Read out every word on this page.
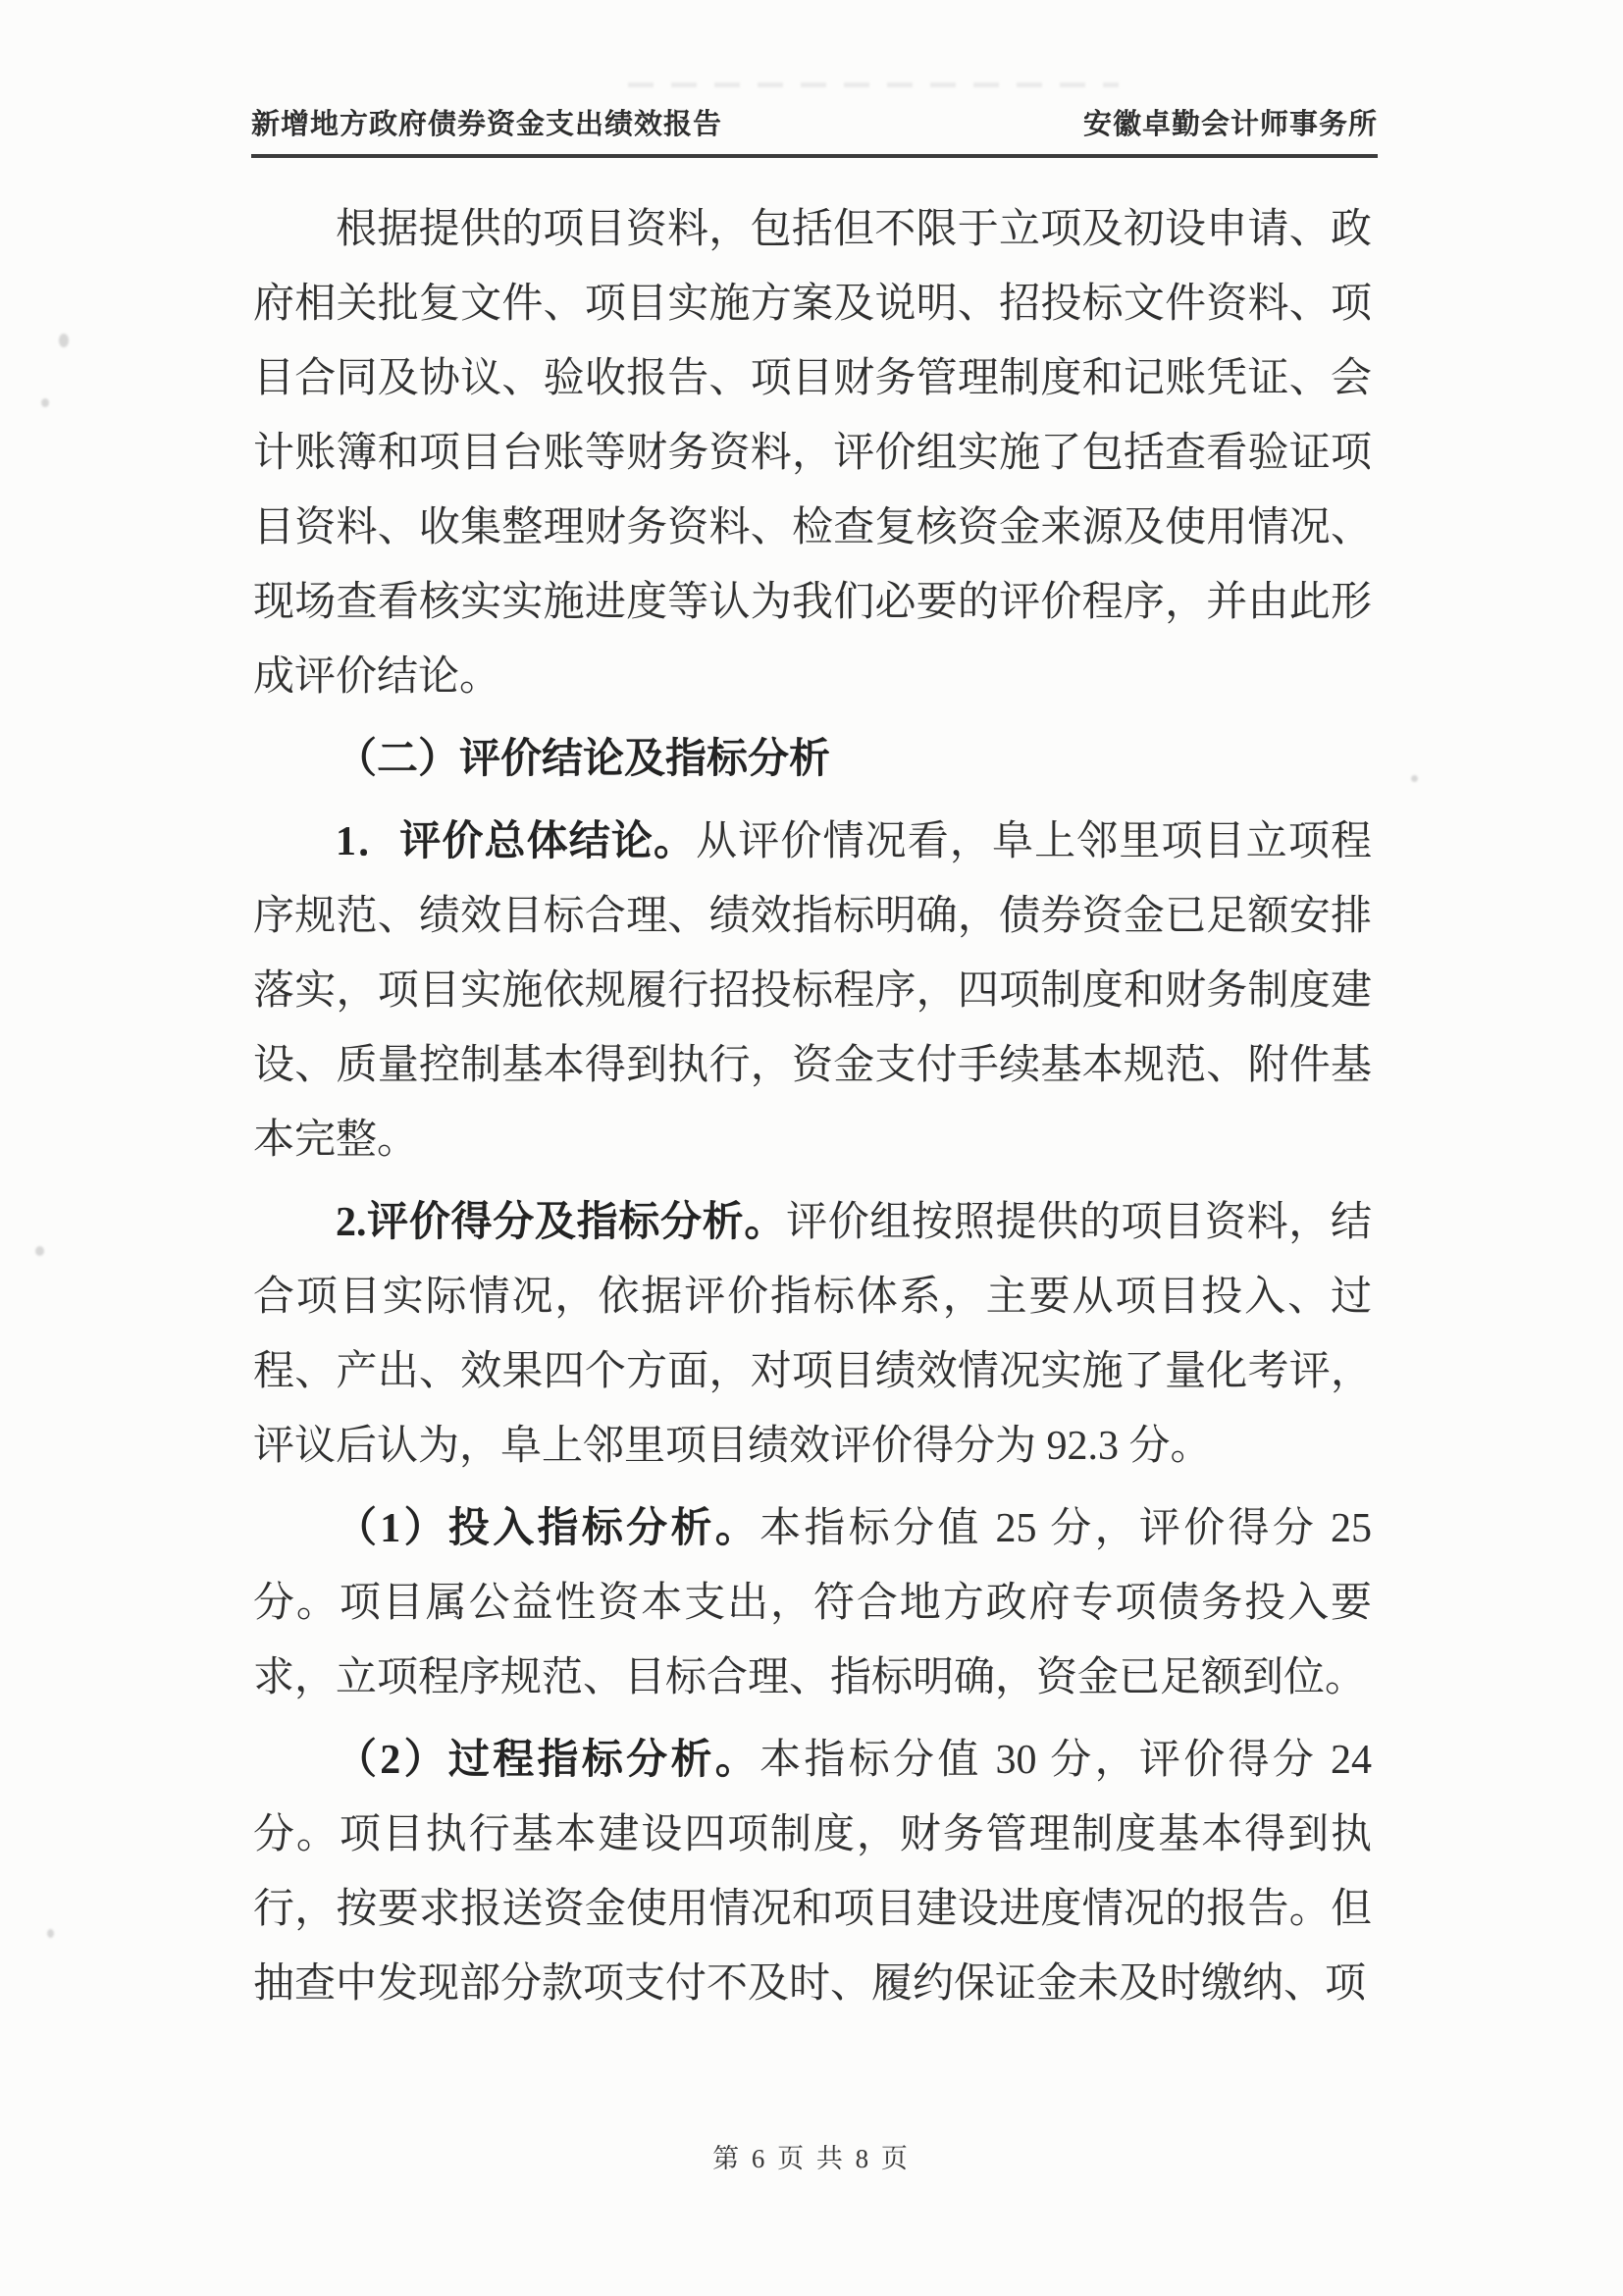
新增地方政府债券资金支出绩效报告	安徽卓勤会计师事务所

根据提供的项目资料，包括但不限于立项及初设申请、政府相关批复文件、项目实施方案及说明、招投标文件资料、项目合同及协议、验收报告、项目财务管理制度和记账凭证、会计账簿和项目台账等财务资料，评价组实施了包括查看验证项目资料、收集整理财务资料、检查复核资金来源及使用情况、现场查看核实实施进度等认为我们必要的评价程序，并由此形成评价结论。

（二）评价结论及指标分析

1．评价总体结论。从评价情况看，阜上邻里项目立项程序规范、绩效目标合理、绩效指标明确，债券资金已足额安排落实，项目实施依规履行招投标程序，四项制度和财务制度建设、质量控制基本得到执行，资金支付手续基本规范、附件基本完整。

2.评价得分及指标分析。评价组按照提供的项目资料，结合项目实际情况，依据评价指标体系，主要从项目投入、过程、产出、效果四个方面，对项目绩效情况实施了量化考评，评议后认为，阜上邻里项目绩效评价得分为 92.3 分。

（1）投入指标分析。本指标分值 25 分，评价得分 25 分。项目属公益性资本支出，符合地方政府专项债务投入要求，立项程序规范、目标合理、指标明确，资金已足额到位。

（2）过程指标分析。本指标分值 30 分，评价得分 24 分。项目执行基本建设四项制度，财务管理制度基本得到执行，按要求报送资金使用情况和项目建设进度情况的报告。但抽查中发现部分款项支付不及时、履约保证金未及时缴纳、项

第 6 页 共 8 页
